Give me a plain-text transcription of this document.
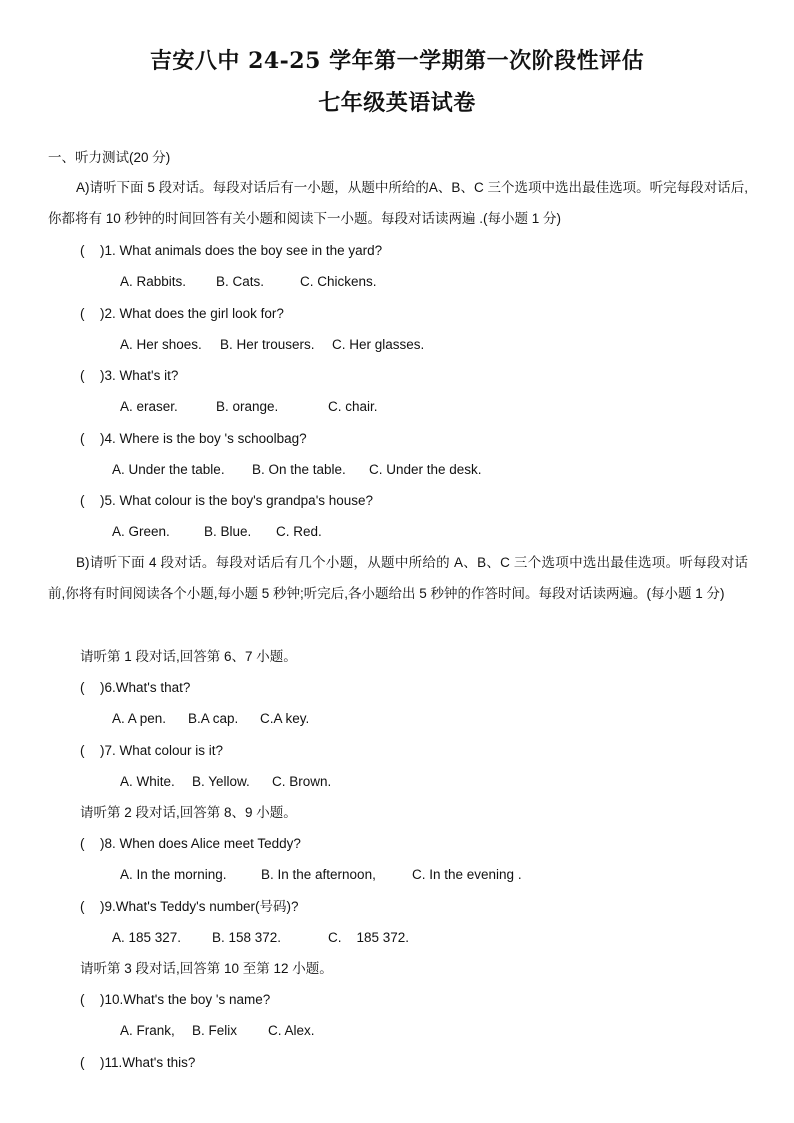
吉安八中 24-25 学年第一学期第一次阶段性评估
七年级英语试卷
一、听力测试(20 分)
A)请听下面 5 段对话。每段对话后有一小题，从题中所给的A、B、C 三个选项中选出最佳选项。听完每段对话后,你都将有 10 秒钟的时间回答有关小题和阅读下一小题。每段对话读两遍 .(每小题 1 分)
( )1. What animals does the boy see in the yard?
A. Rabbits. B. Cats.	C. Chickens.
( )2. What does the girl look for?
A. Her shoes. B. Her trousers. C. Her glasses.
( )3. What's it?
A. eraser.	B. orange.	C. chair.
( )4. Where is the boy 's schoolbag?
A. Under the table. B. On the table. C. Under the desk.
( )5. What colour is the boy's grandpa's house?
A. Green.	B. Blue. C. Red.
B)请听下面 4 段对话。每段对话后有几个小题，从题中所给的 A、B、C 三个选项中选出最佳选项。听每段对话前,你将有时间阅读各个小题,每小题 5 秒钟;听完后,各小题给出 5 秒钟的作答时间。每段对话读两遍。(每小题 1 分)
请听第 1 段对话,回答第 6、7 小题。
( )6.What's that?
A. A pen. B.A cap. C.A key.
( )7. What colour is it?
A. White. B. Yellow. C. Brown.
请听第 2 段对话,回答第 8、9 小题。
( )8. When does Alice meet Teddy?
A. In the morning.	B. In the afternoon,	C. In the evening .
( )9.What's Teddy's number(号码)?
A. 185 327. B. 158 372.	C.    185 372.
请听第 3 段对话,回答第 10 至第 12 小题。
( )10.What's the boy 's name?
A. Frank, B. Felix C. Alex.
( )11.What's this?
